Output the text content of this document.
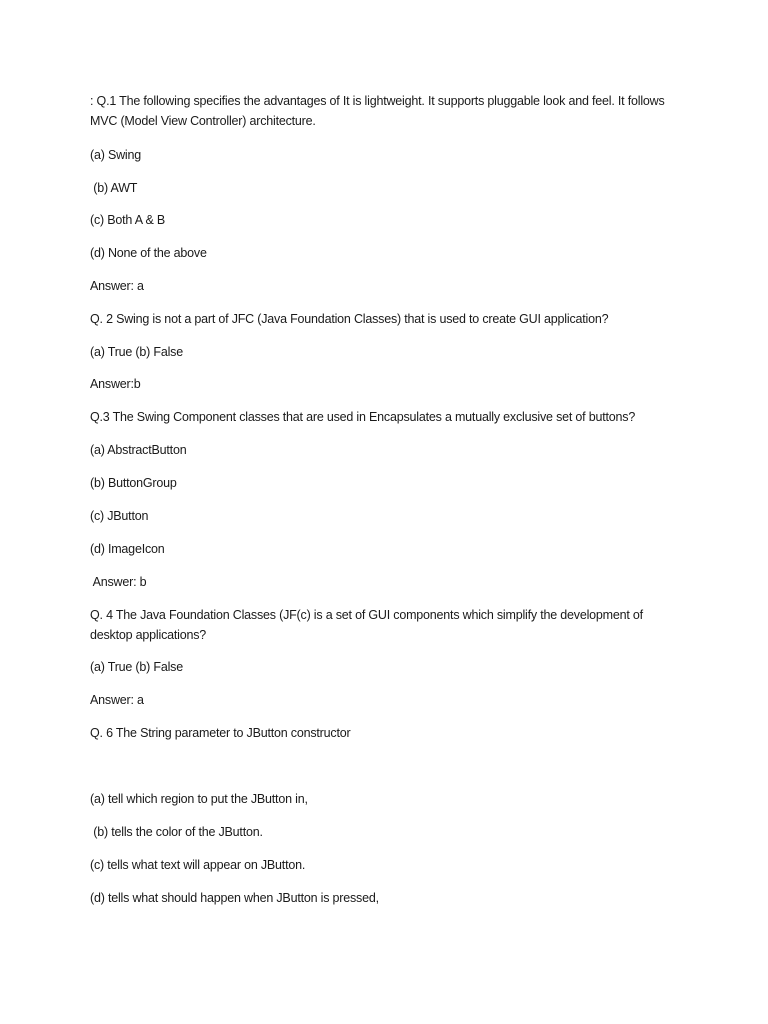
: Q.1 The following specifies the advantages of It is lightweight. It supports pluggable look and feel. It follows MVC (Model View Controller) architecture.
(a) Swing
(b) AWT
(c) Both A & B
(d) None of the above
Answer: a
Q. 2 Swing is not a part of JFC (Java Foundation Classes) that is used to create GUI application?
(a) True (b) False
Answer:b
Q.3 The Swing Component classes that are used in Encapsulates a mutually exclusive set of buttons?
(a) AbstractButton
(b) ButtonGroup
(c) JButton
(d) ImageIcon
Answer: b
Q. 4 The Java Foundation Classes (JF(c) is a set of GUI components which simplify the development of desktop applications?
(a) True (b) False
Answer: a
Q. 6 The String parameter to JButton constructor
(a) tell which region to put the JButton in,
(b) tells the color of the JButton.
(c) tells what text will appear on JButton.
(d) tells what should happen when JButton is pressed,
